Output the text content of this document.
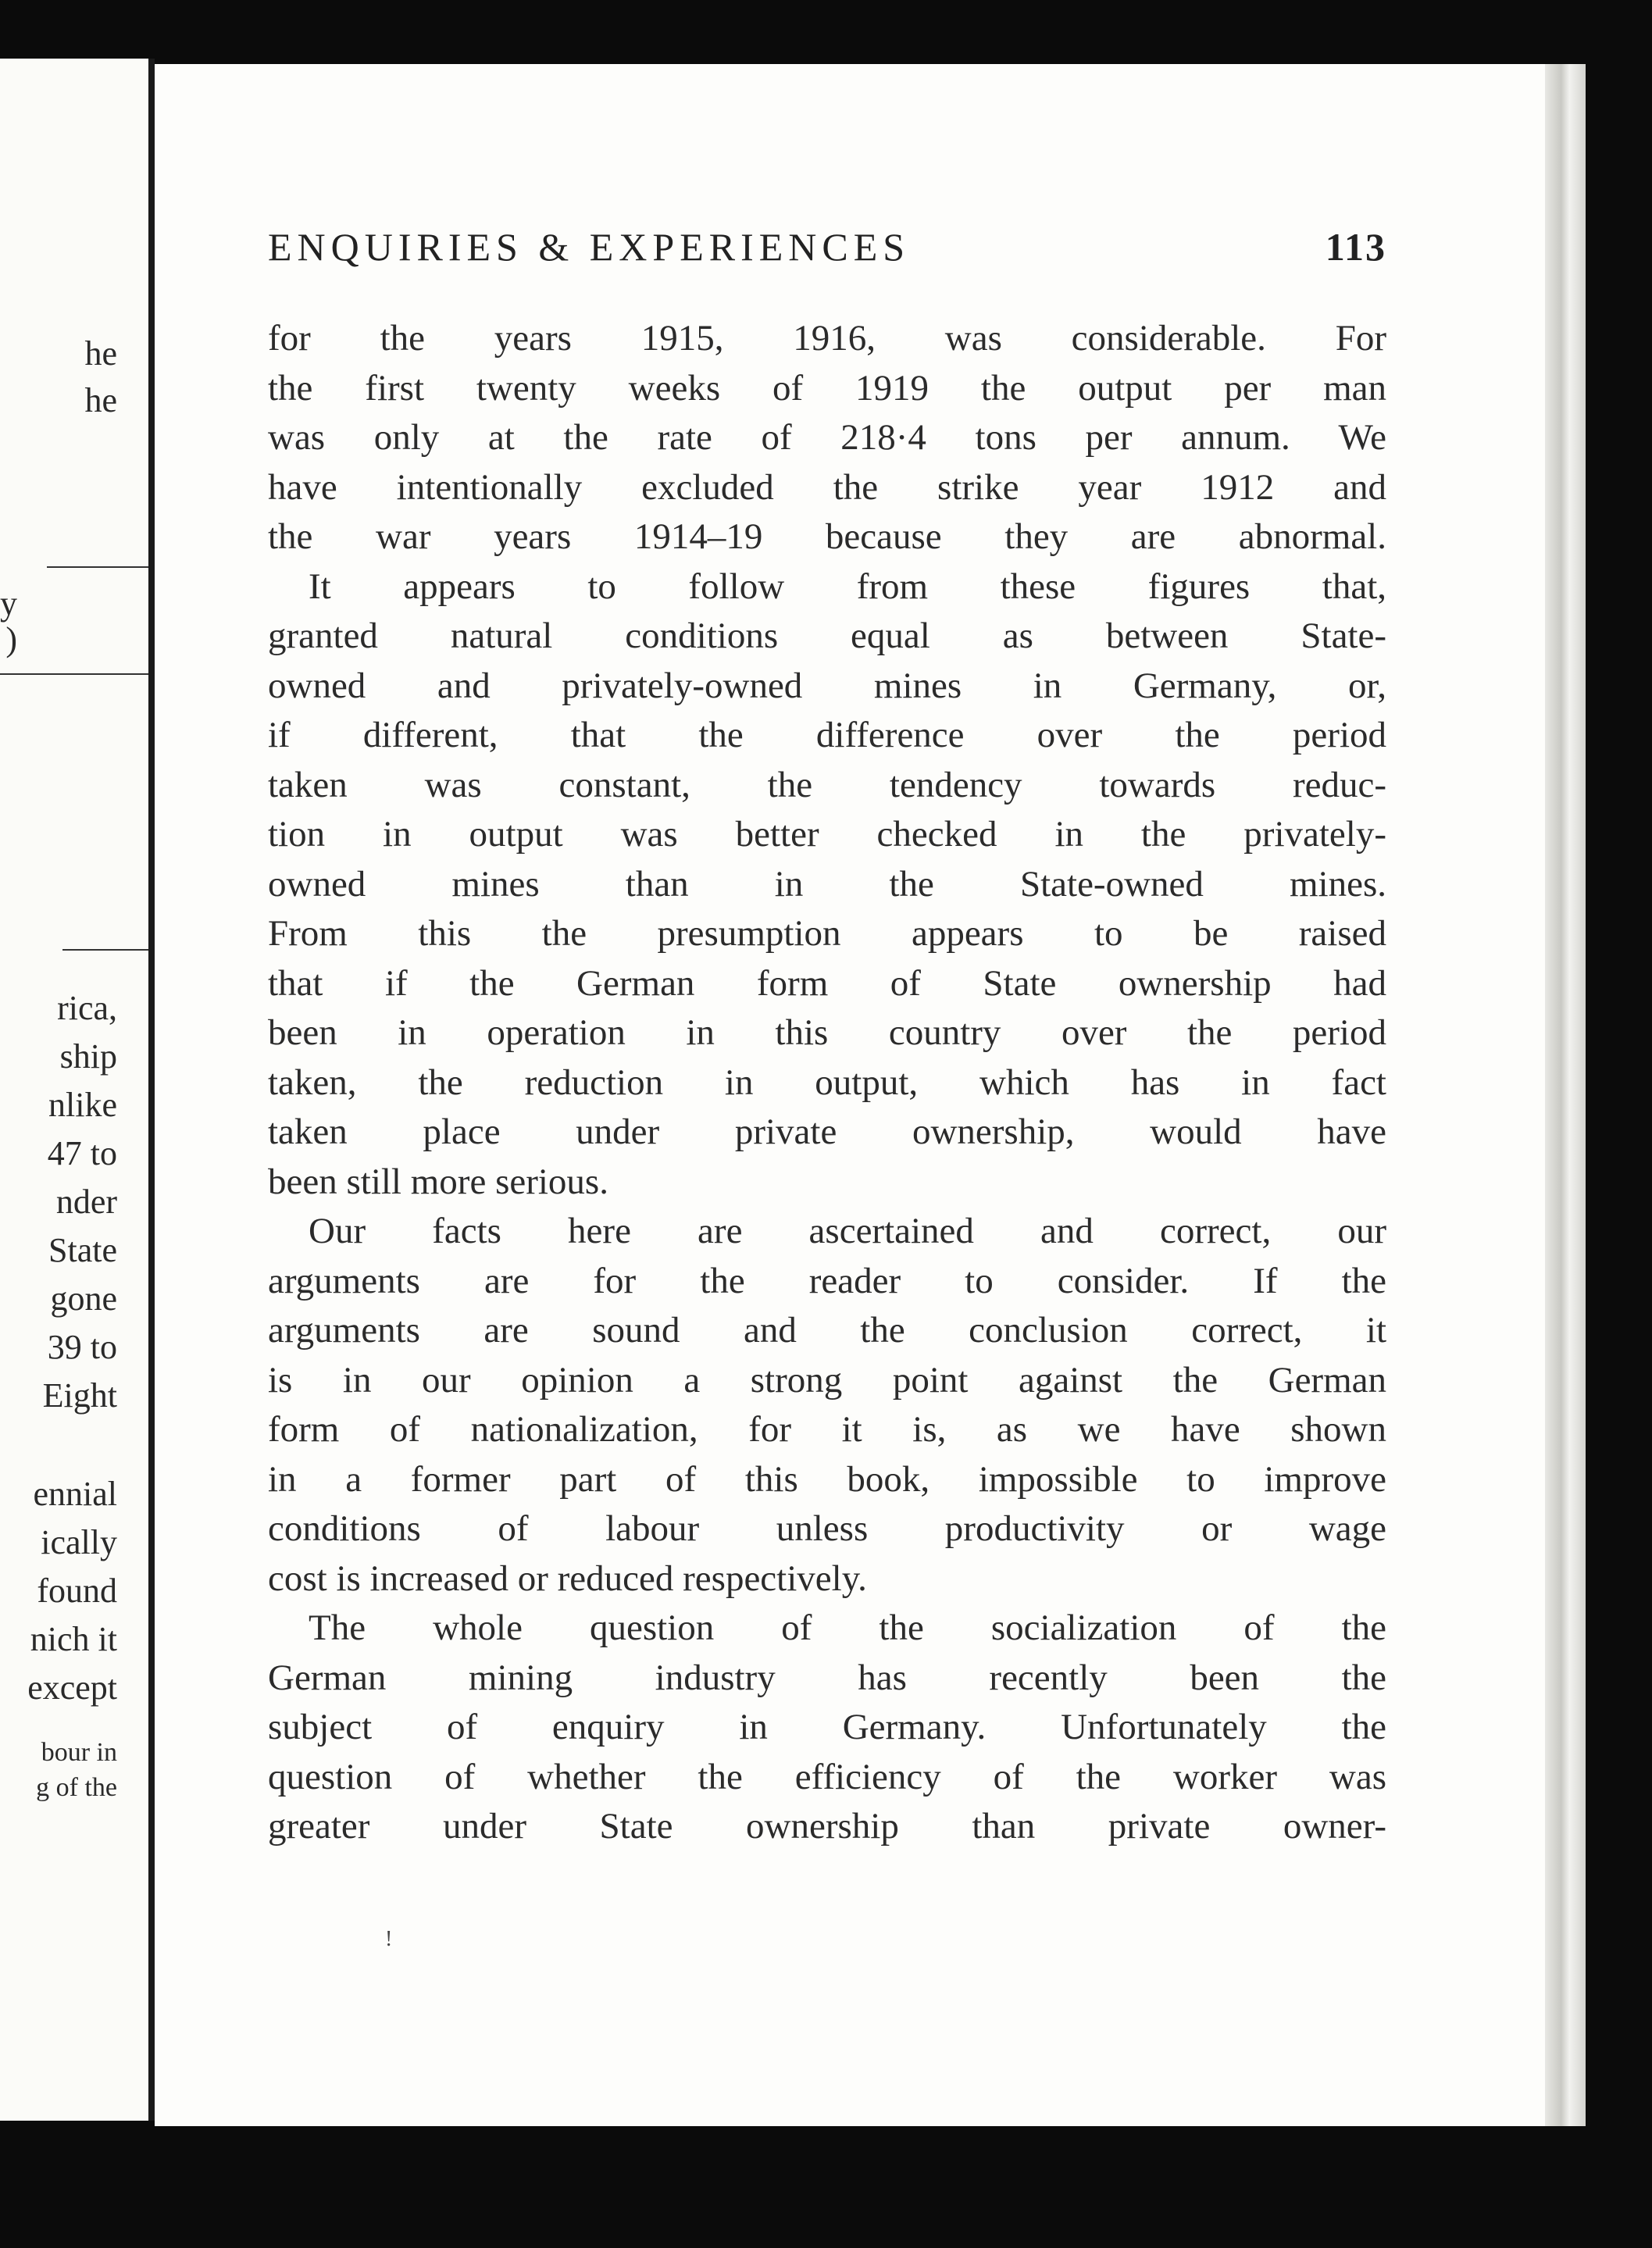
he
he
y
)
rica,
ship
nlike
47 to
nder
State
gone
39 to
Eight
ennial
ically
found
nich it
except
bour in
g of the
ENQUIRIES & EXPERIENCES	113
for the years 1915, 1916, was considerable. For
the first twenty weeks of 1919 the output per man
was only at the rate of 218·4 tons per annum. We
have intentionally excluded the strike year 1912 and
the war years 1914–19 because they are abnormal.
It appears to follow from these figures that,
granted natural conditions equal as between State-
owned and privately-owned mines in Germany, or,
if different, that the difference over the period
taken was constant, the tendency towards reduc-
tion in output was better checked in the privately-
owned mines than in the State-owned mines.
From this the presumption appears to be raised
that if the German form of State ownership had
been in operation in this country over the period
taken, the reduction in output, which has in fact
taken place under private ownership, would have
been still more serious.
Our facts here are ascertained and correct, our
arguments are for the reader to consider. If the
arguments are sound and the conclusion correct, it
is in our opinion a strong point against the German
form of nationalization, for it is, as we have shown
in a former part of this book, impossible to improve
conditions of labour unless productivity or wage
cost is increased or reduced respectively.
The whole question of the socialization of the
German mining industry has recently been the
subject of enquiry in Germany. Unfortunately the
question of whether the efficiency of the worker was
greater under State ownership than private owner-
!
